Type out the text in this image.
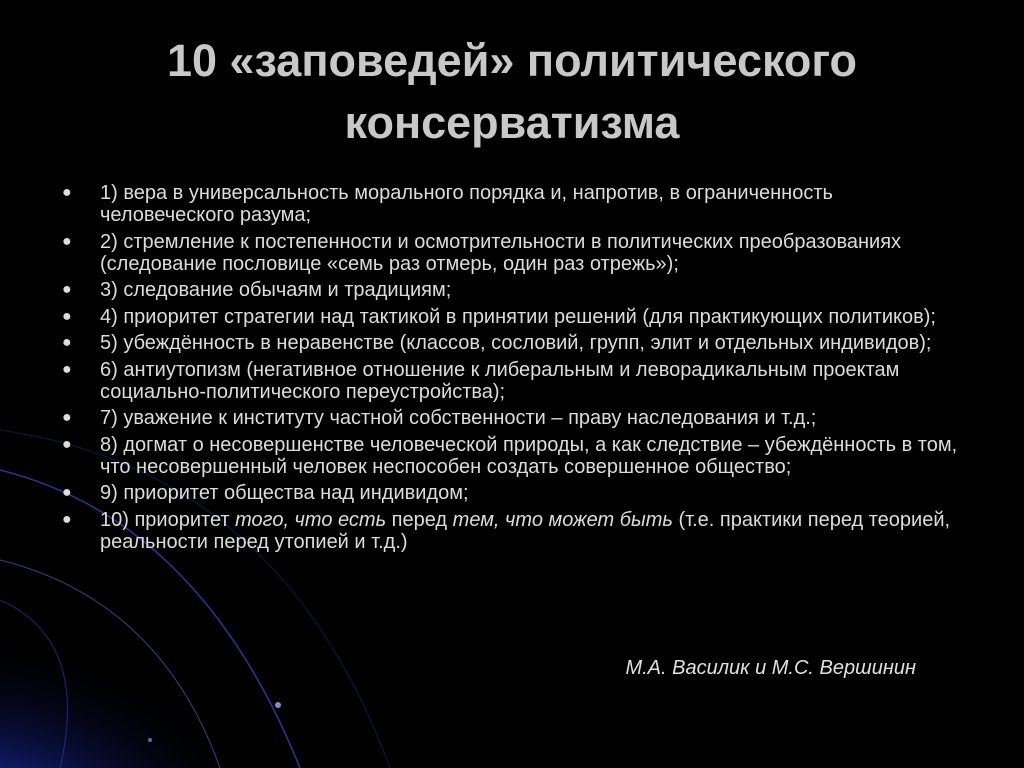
10 «заповедей» политического
консерватизма
● 1) вера в универсальность морального порядка и, напротив, в ограниченность человеческого разума;
● 2) стремление к постепенности и осмотрительности в политических преобразованиях (следование пословице «семь раз отмерь, один раз отрежь»);
● 3) следование обычаям и традициям;
● 4) приоритет стратегии над тактикой в принятии решений (для практикующих политиков);
● 5) убеждённость в неравенстве (классов, сословий, групп, элит и отдельных индивидов);
● 6) антиутопизм (негативное отношение к либеральным и леворадикальным проектам социально-политического переустройства);
● 7) уважение к институту частной собственности – праву наследования и т.д.;
● 8) догмат о несовершенстве человеческой природы, а как следствие – убеждённость в том, что несовершенный человек неспособен создать совершенное общество;
● 9) приоритет общества над индивидом;
● 10) приоритет того, что есть перед тем, что может быть (т.е. практики перед теорией, реальности перед утопией и т.д.)
М.А. Василик и М.С. Вершинин
